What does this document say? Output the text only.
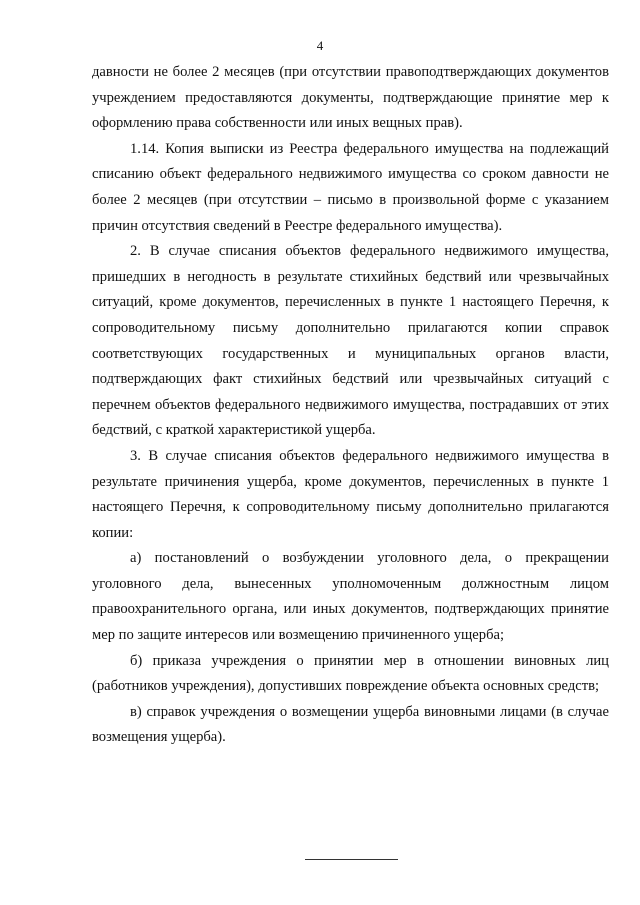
4

давности не более 2 месяцев (при отсутствии правоподтверждающих документов учреждением предоставляются документы, подтверждающие принятие мер к оформлению права собственности или иных вещных прав).

1.14. Копия выписки из Реестра федерального имущества на подлежащий списанию объект федерального недвижимого имущества со сроком давности не более 2 месяцев (при отсутствии – письмо в произвольной форме с указанием причин отсутствия сведений в Реестре федерального имущества).

2. В случае списания объектов федерального недвижимого имущества, пришедших в негодность в результате стихийных бедствий или чрезвычайных ситуаций, кроме документов, перечисленных в пункте 1 настоящего Перечня, к сопроводительному письму дополнительно прилагаются копии справок соответствующих государственных и муниципальных органов власти, подтверждающих факт стихийных бедствий или чрезвычайных ситуаций с перечнем объектов федерального недвижимого имущества, пострадавших от этих бедствий, с краткой характеристикой ущерба.

3. В случае списания объектов федерального недвижимого имущества в результате причинения ущерба, кроме документов, перечисленных в пункте 1 настоящего Перечня, к сопроводительному письму дополнительно прилагаются копии:

а) постановлений о возбуждении уголовного дела, о прекращении уголовного дела, вынесенных уполномоченным должностным лицом правоохранительного органа, или иных документов, подтверждающих принятие мер по защите интересов или возмещению причиненного ущерба;

б) приказа учреждения о принятии мер в отношении виновных лиц (работников учреждения), допустивших повреждение объекта основных средств;

в) справок учреждения о возмещении ущерба виновными лицами (в случае возмещения ущерба).
